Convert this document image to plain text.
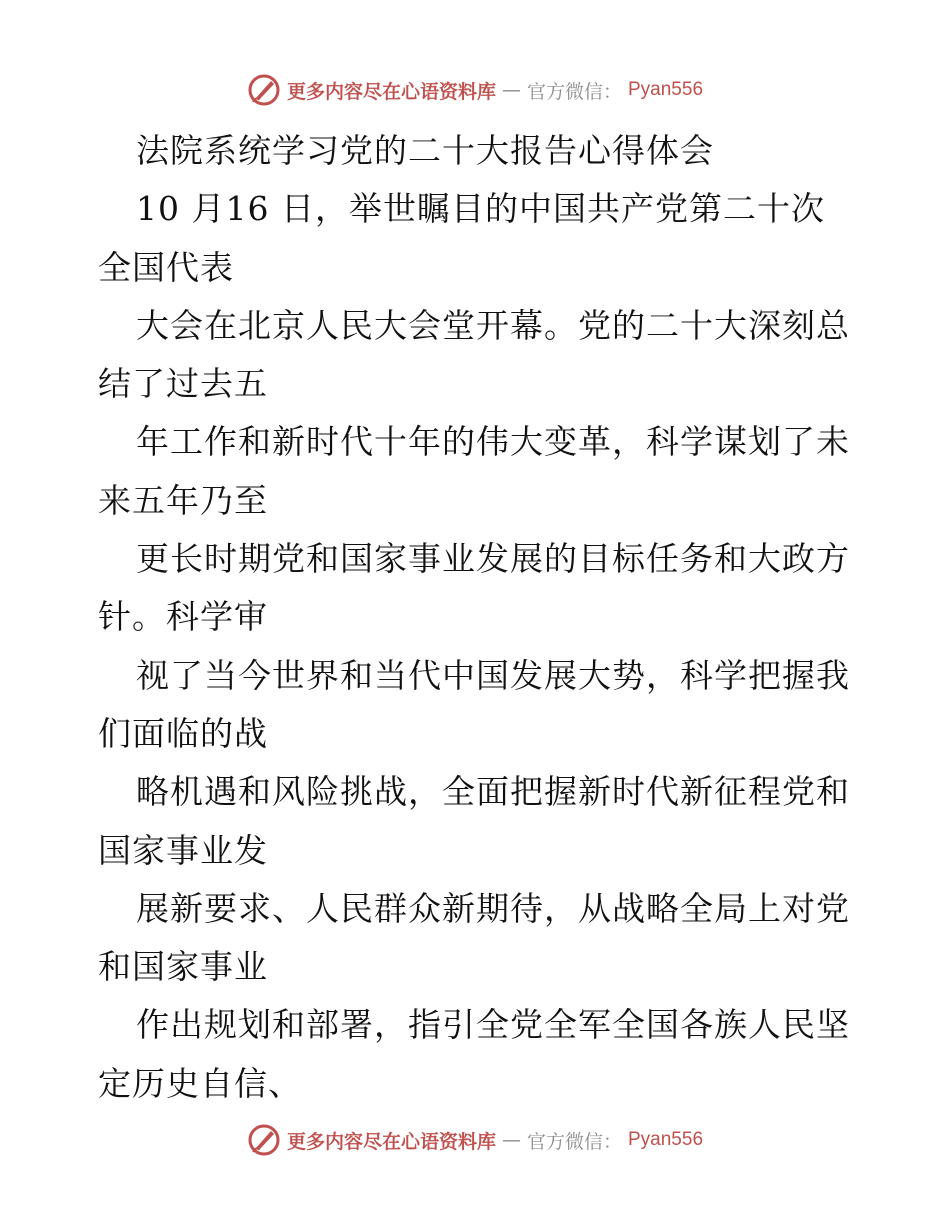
更多内容尽在心语资料库 — 官方微信： Pyan556
法院系统学习党的二十大报告心得体会
10 月16 日，举世瞩目的中国共产党第二十次
全国代表
大会在北京人民大会堂开幕。党的二十大深刻总
结了过去五
年工作和新时代十年的伟大变革，科学谋划了未
来五年乃至
更长时期党和国家事业发展的目标任务和大政方
针。科学审
视了当今世界和当代中国发展大势，科学把握我
们面临的战
略机遇和风险挑战，全面把握新时代新征程党和
国家事业发
展新要求、人民群众新期待，从战略全局上对党
和国家事业
作出规划和部署，指引全党全军全国各族人民坚
定历史自信、
更多内容尽在心语资料库 — 官方微信： Pyan556
